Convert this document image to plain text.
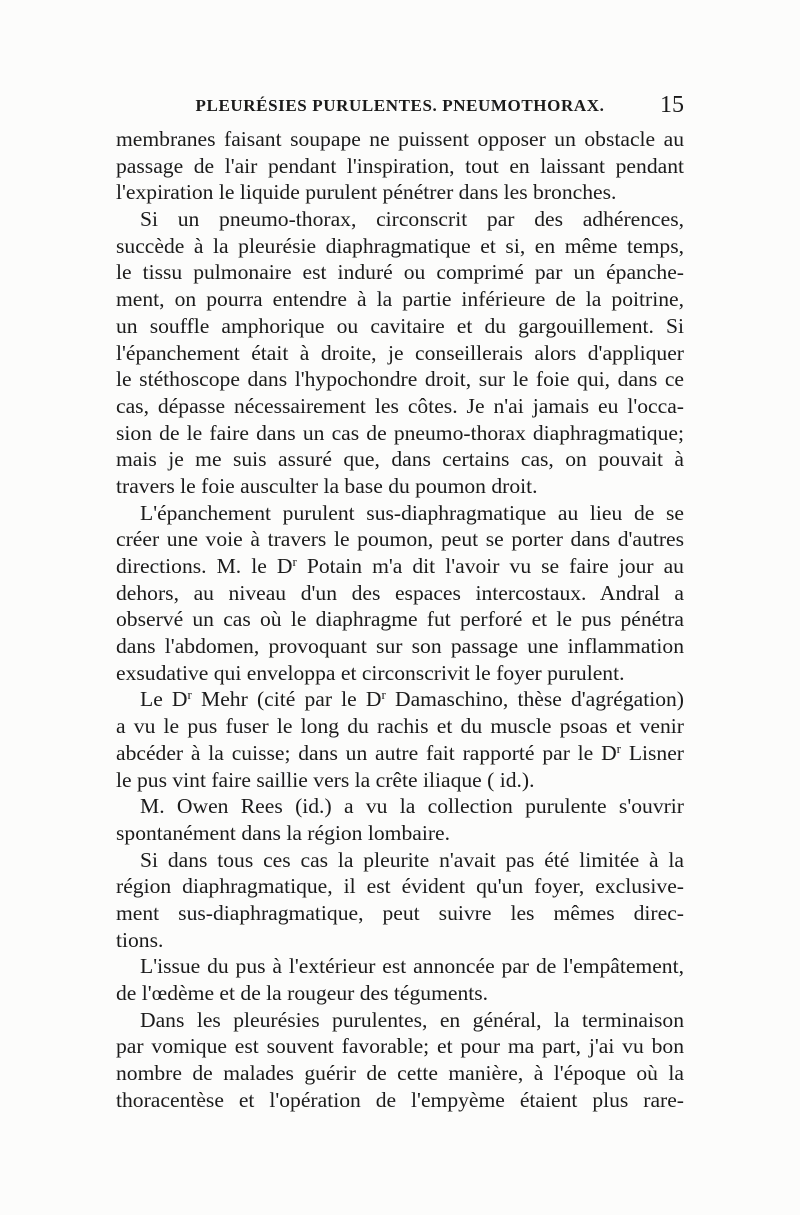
PLEURÉSIES PURULENTES. PNEUMOTHORAX.	15
membranes faisant soupape ne puissent opposer un obstacle au
passage de l'air pendant l'inspiration, tout en laissant pendant
l'expiration le liquide purulent pénétrer dans les bronches.
Si un pneumo-thorax, circonscrit par des adhérences,
succède à la pleurésie diaphragmatique et si, en même temps,
le tissu pulmonaire est induré ou comprimé par un épanche-
ment, on pourra entendre à la partie inférieure de la poitrine,
un souffle amphorique ou cavitaire et du gargouillement. Si
l'épanchement était à droite, je conseillerais alors d'appliquer
le stéthoscope dans l'hypochondre droit, sur le foie qui, dans ce
cas, dépasse nécessairement les côtes. Je n'ai jamais eu l'occa-
sion de le faire dans un cas de pneumo-thorax diaphragmatique;
mais je me suis assuré que, dans certains cas, on pouvait à
travers le foie ausculter la base du poumon droit.
L'épanchement purulent sus-diaphragmatique au lieu de se
créer une voie à travers le poumon, peut se porter dans d'autres
directions. M. le $D^r$ Potain m'a dit l'avoir vu se faire jour au
dehors, au niveau d'un des espaces intercostaux. Andral a
observé un cas où le diaphragme fut perforé et le pus pénétra
dans l'abdomen, provoquant sur son passage une inflammation
exsudative qui enveloppa et circonscrivit le foyer purulent.
Le $D^r$ Mehr (cité par le $D^r$ Damaschino, thèse d'agrégation)
a vu le pus fuser le long du rachis et du muscle psoas et venir
abcéder à la cuisse; dans un autre fait rapporté par le $D^r$ Lisner
le pus vint faire saillie vers la crête iliaque ( id.).
M. Owen Rees (id.) a vu la collection purulente s'ouvrir
spontanément dans la région lombaire.
Si dans tous ces cas la pleurite n'avait pas été limitée à la
région diaphragmatique, il est évident qu'un foyer, exclusive-
ment sus-diaphragmatique, peut suivre les mêmes direc-
tions.
L'issue du pus à l'extérieur est annoncée par de l'empâtement,
de l'œdème et de la rougeur des téguments.
Dans les pleurésies purulentes, en général, la terminaison
par vomique est souvent favorable; et pour ma part, j'ai vu bon
nombre de malades guérir de cette manière, à l'époque où la
thoracentèse et l'opération de l'empyème étaient plus rare-
